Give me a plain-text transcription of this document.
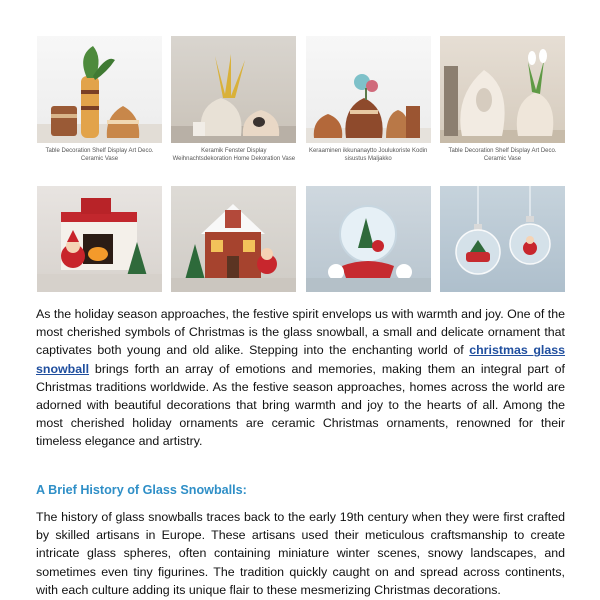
Table Decoration Shelf Display Art Deco. Ceramic Vase
Keramik Fenster Display Weihnachtsdekoration Home Dekoration Vase
Keraaminen ikkunanaytto Joulukoriste Kodin sisustus Maljakko
Table Decoration Shelf Display Art Deco. Ceramic Vase

As the holiday season approaches, the festive spirit envelops us with warmth and joy. One of the most cherished symbols of Christmas is the glass snowball, a small and delicate ornament that captivates both young and old alike. Stepping into the enchanting world of christmas glass snowball brings forth an array of emotions and memories, making them an integral part of Christmas traditions worldwide. As the festive season approaches, homes across the world are adorned with beautiful decorations that bring warmth and joy to the hearts of all. Among the most cherished holiday ornaments are ceramic Christmas ornaments, renowned for their timeless elegance and artistry.

A Brief History of Glass Snowballs:

The history of glass snowballs traces back to the early 19th century when they were first crafted by skilled artisans in Europe. These artisans used their meticulous craftsmanship to create intricate glass spheres, often containing miniature winter scenes, snowy landscapes, and sometimes even tiny figurines. The tradition quickly caught on and spread across continents, with each culture adding its unique flair to these mesmerizing Christmas decorations.
